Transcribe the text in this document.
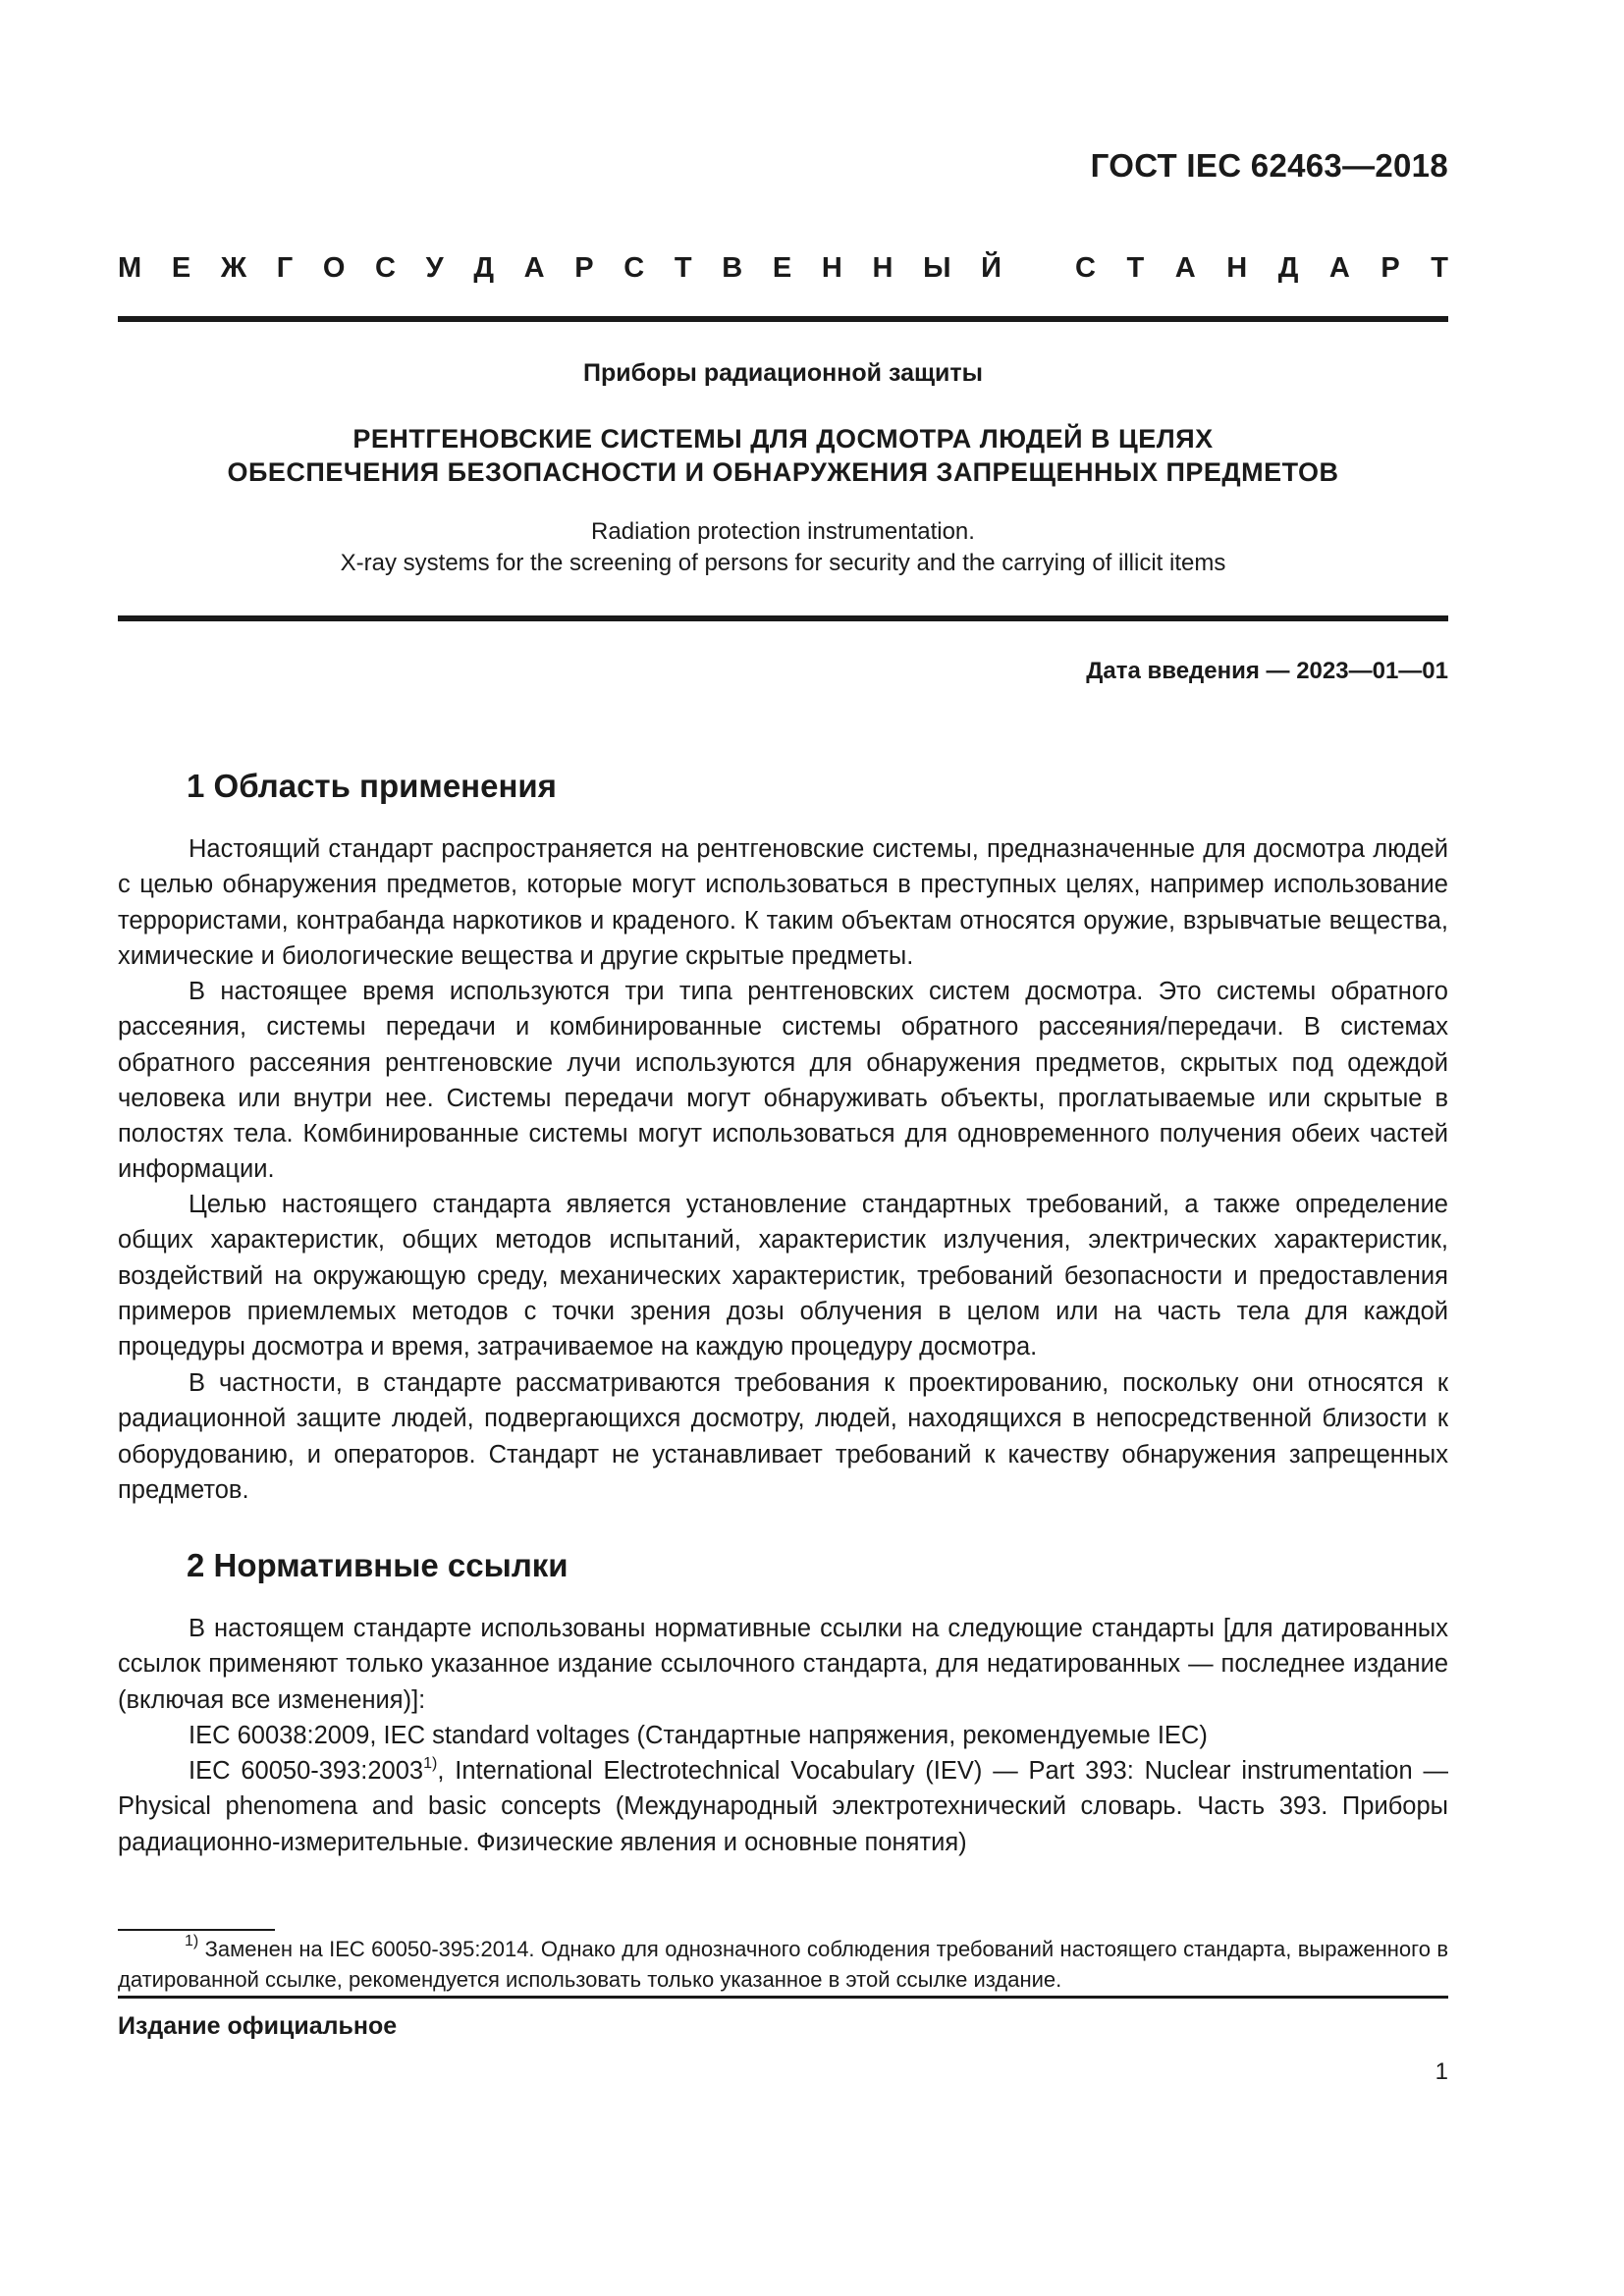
ГОСТ IEC 62463—2018
М Е Ж Г О С У Д А Р С Т В Е Н Н Ы Й	С Т А Н Д А Р Т
Приборы радиационной защиты
РЕНТГЕНОВСКИЕ СИСТЕМЫ ДЛЯ ДОСМОТРА ЛЮДЕЙ В ЦЕЛЯХ
ОБЕСПЕЧЕНИЯ БЕЗОПАСНОСТИ И ОБНАРУЖЕНИЯ ЗАПРЕЩЕННЫХ ПРЕДМЕТОВ
Radiation protection instrumentation.
X-ray systems for the screening of persons for security and the carrying of illicit items
Дата введения — 2023—01—01
1 Область применения
Настоящий стандарт распространяется на рентгеновские системы, предназначенные для досмотра людей с целью обнаружения предметов, которые могут использоваться в преступных целях, например использование террористами, контрабанда наркотиков и краденого. К таким объектам относятся оружие, взрывчатые вещества, химические и биологические вещества и другие скрытые предметы.
В настоящее время используются три типа рентгеновских систем досмотра. Это системы обратного рассеяния, системы передачи и комбинированные системы обратного рассеяния/передачи. В системах обратного рассеяния рентгеновские лучи используются для обнаружения предметов, скрытых под одеждой человека или внутри нее. Системы передачи могут обнаруживать объекты, проглатываемые или скрытые в полостях тела. Комбинированные системы могут использоваться для одновременного получения обеих частей информации.
Целью настоящего стандарта является установление стандартных требований, а также определение общих характеристик, общих методов испытаний, характеристик излучения, электрических характеристик, воздействий на окружающую среду, механических характеристик, требований безопасности и предоставления примеров приемлемых методов с точки зрения дозы облучения в целом или на часть тела для каждой процедуры досмотра и время, затрачиваемое на каждую процедуру досмотра.
В частности, в стандарте рассматриваются требования к проектированию, поскольку они относятся к радиационной защите людей, подвергающихся досмотру, людей, находящихся в непосредственной близости к оборудованию, и операторов. Стандарт не устанавливает требований к качеству обнаружения запрещенных предметов.
2 Нормативные ссылки
В настоящем стандарте использованы нормативные ссылки на следующие стандарты [для датированных ссылок применяют только указанное издание ссылочного стандарта, для недатированных — последнее издание (включая все изменения)]:
IEC 60038:2009, IEC standard voltages (Стандартные напряжения, рекомендуемые IEC)
IEC 60050-393:2003$^{1)}$, International Electrotechnical Vocabulary (IEV) — Part 393: Nuclear instrumentation — Physical phenomena and basic concepts (Международный электротехнический словарь. Часть 393. Приборы радиационно-измерительные. Физические явления и основные понятия)
$^{1)}$ Заменен на IEC 60050-395:2014. Однако для однозначного соблюдения требований настоящего стандарта, выраженного в датированной ссылке, рекомендуется использовать только указанное в этой ссылке издание.
Издание официальное
1
